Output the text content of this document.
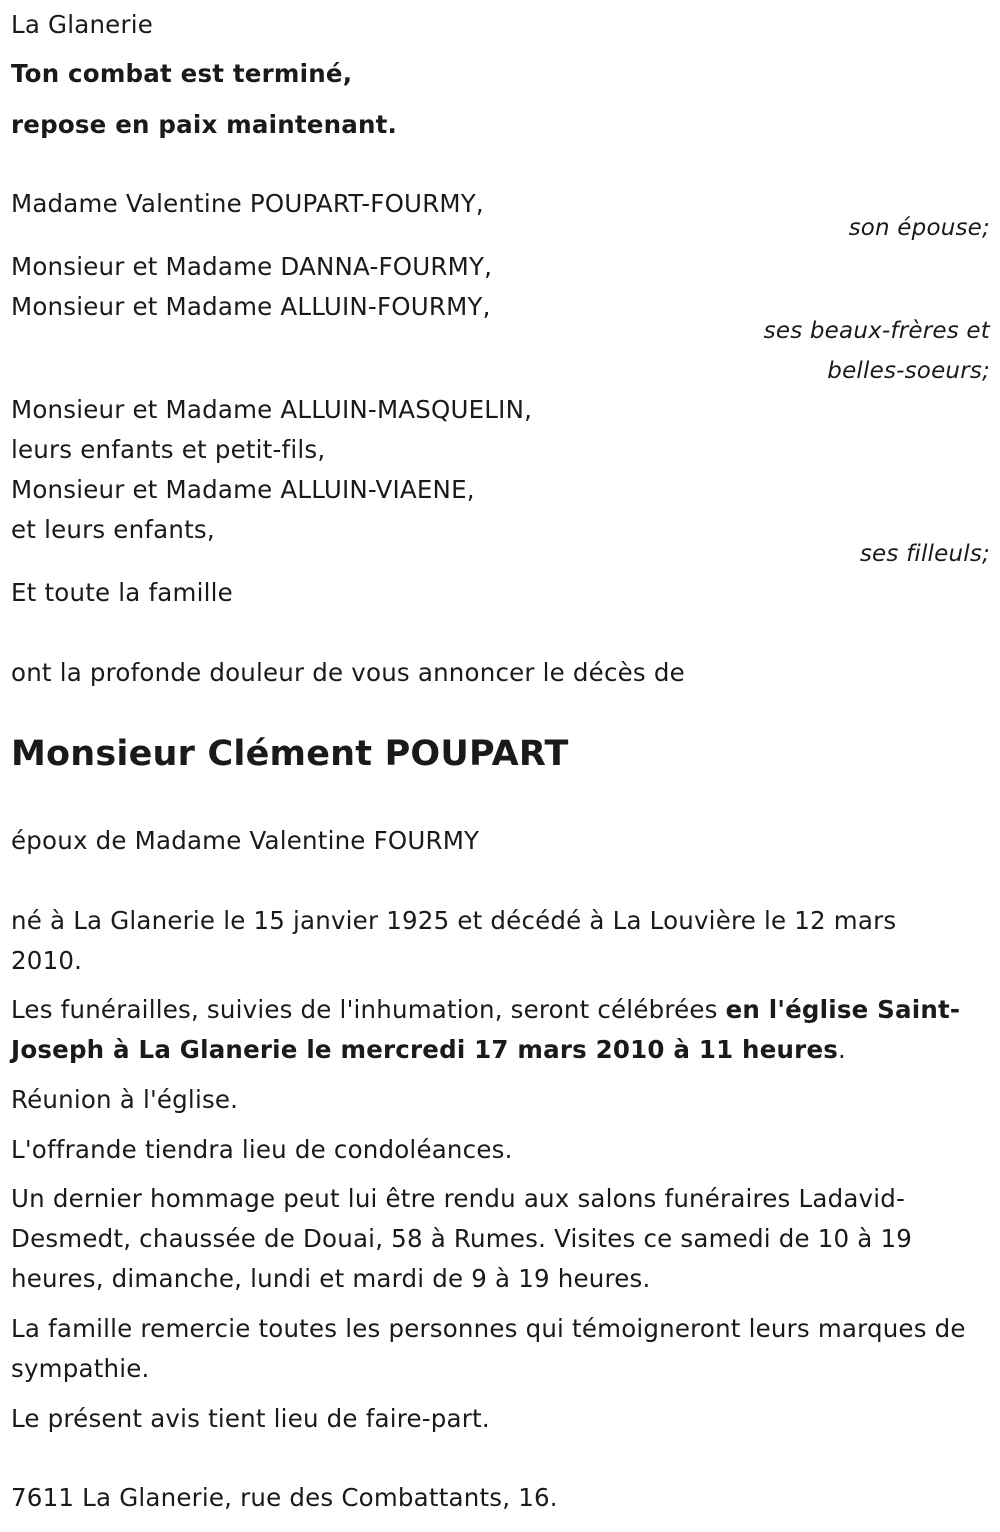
La Glanerie
Ton combat est terminé,
repose en paix maintenant.
Madame Valentine POUPART-FOURMY,
son épouse;
Monsieur et Madame DANNA-FOURMY,
Monsieur et Madame ALLUIN-FOURMY,
ses beaux-frères et
belles-soeurs;
Monsieur et Madame ALLUIN-MASQUELIN,
leurs enfants et petit-fils,
Monsieur et Madame ALLUIN-VIAENE,
et leurs enfants,
ses filleuls;
Et toute la famille
ont la profonde douleur de vous annoncer le décès de
Monsieur Clément POUPART
époux de Madame Valentine FOURMY
né à La Glanerie le 15 janvier 1925 et décédé à La Louvière le 12 mars 2010.
Les funérailles, suivies de l'inhumation, seront célébrées en l'église Saint-Joseph à La Glanerie le mercredi 17 mars 2010 à 11 heures.
Réunion à l'église.
L'offrande tiendra lieu de condoléances.
Un dernier hommage peut lui être rendu aux salons funéraires Ladavid-Desmedt, chaussée de Douai, 58 à Rumes. Visites ce samedi de 10 à 19 heures, dimanche, lundi et mardi de 9 à 19 heures.
La famille remercie toutes les personnes qui témoigneront leurs marques de sympathie.
Le présent avis tient lieu de faire-part.
7611 La Glanerie, rue des Combattants, 16.
